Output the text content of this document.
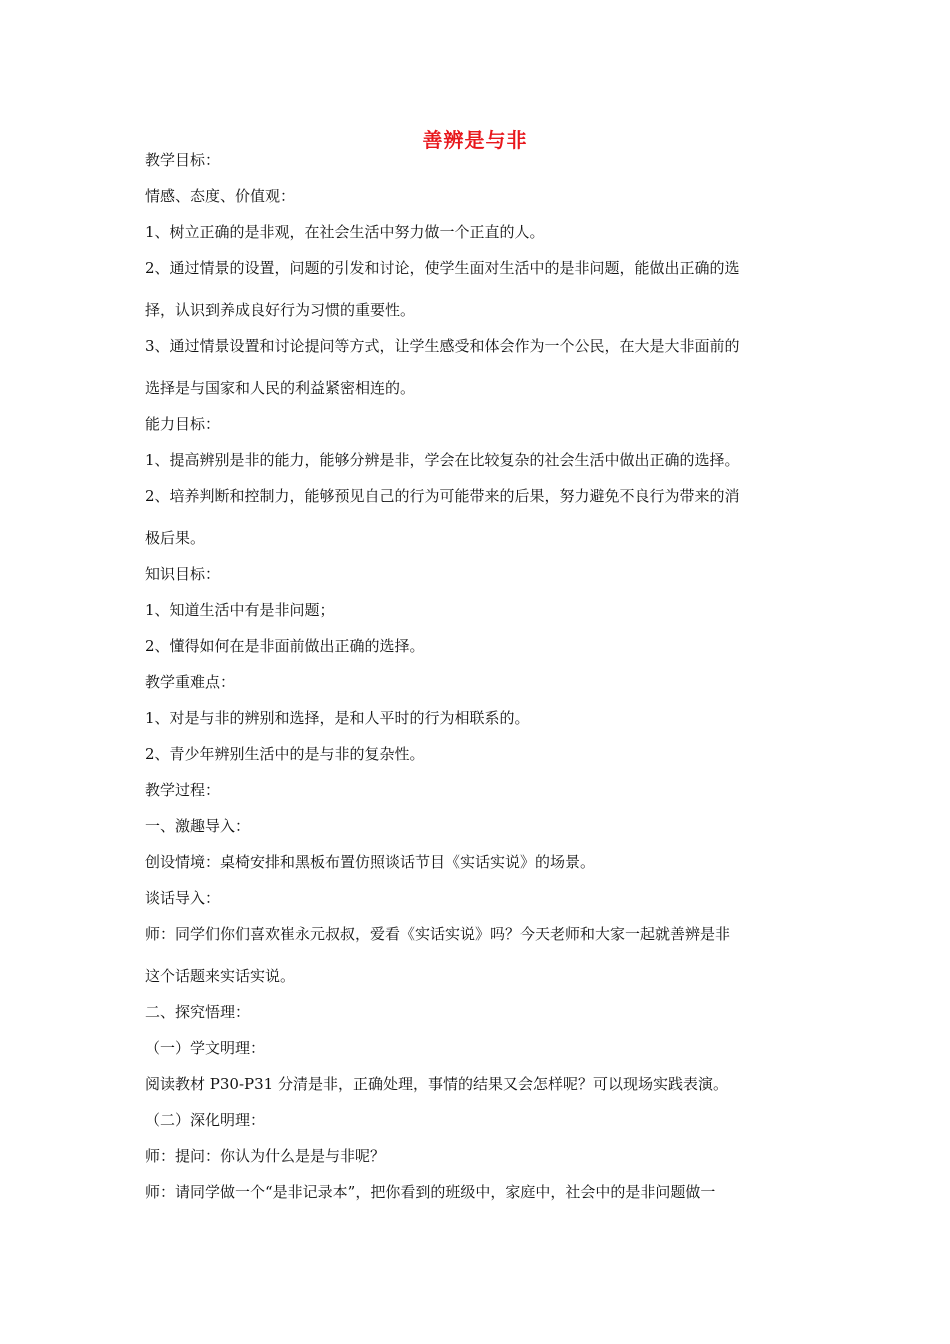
善辨是与非

教学目标：

情感、态度、价值观：

1、树立正确的是非观，在社会生活中努力做一个正直的人。

2、通过情景的设置，问题的引发和讨论，使学生面对生活中的是非问题，能做出正确的选

择，认识到养成良好行为习惯的重要性。

3、通过情景设置和讨论提问等方式，让学生感受和体会作为一个公民，在大是大非面前的

选择是与国家和人民的利益紧密相连的。

能力目标：

1、提高辨别是非的能力，能够分辨是非，学会在比较复杂的社会生活中做出正确的选择。

2、培养判断和控制力，能够预见自己的行为可能带来的后果，努力避免不良行为带来的消

极后果。

知识目标：

1、知道生活中有是非问题；

2、懂得如何在是非面前做出正确的选择。

教学重难点：

1、对是与非的辨别和选择，是和人平时的行为相联系的。

2、青少年辨别生活中的是与非的复杂性。

教学过程：

一、激趣导入：

创设情境：桌椅安排和黑板布置仿照谈话节目《实话实说》的场景。

谈话导入：

师：同学们你们喜欢崔永元叔叔，爱看《实话实说》吗？今天老师和大家一起就善辨是非

这个话题来实话实说。

二、探究悟理：

（一）学文明理：

阅读教材 P30-P31 分清是非，正确处理，事情的结果又会怎样呢？可以现场实践表演。

（二）深化明理：

师：提问：你认为什么是是与非呢？

师：请同学做一个“是非记录本”，把你看到的班级中，家庭中，社会中的是非问题做一
